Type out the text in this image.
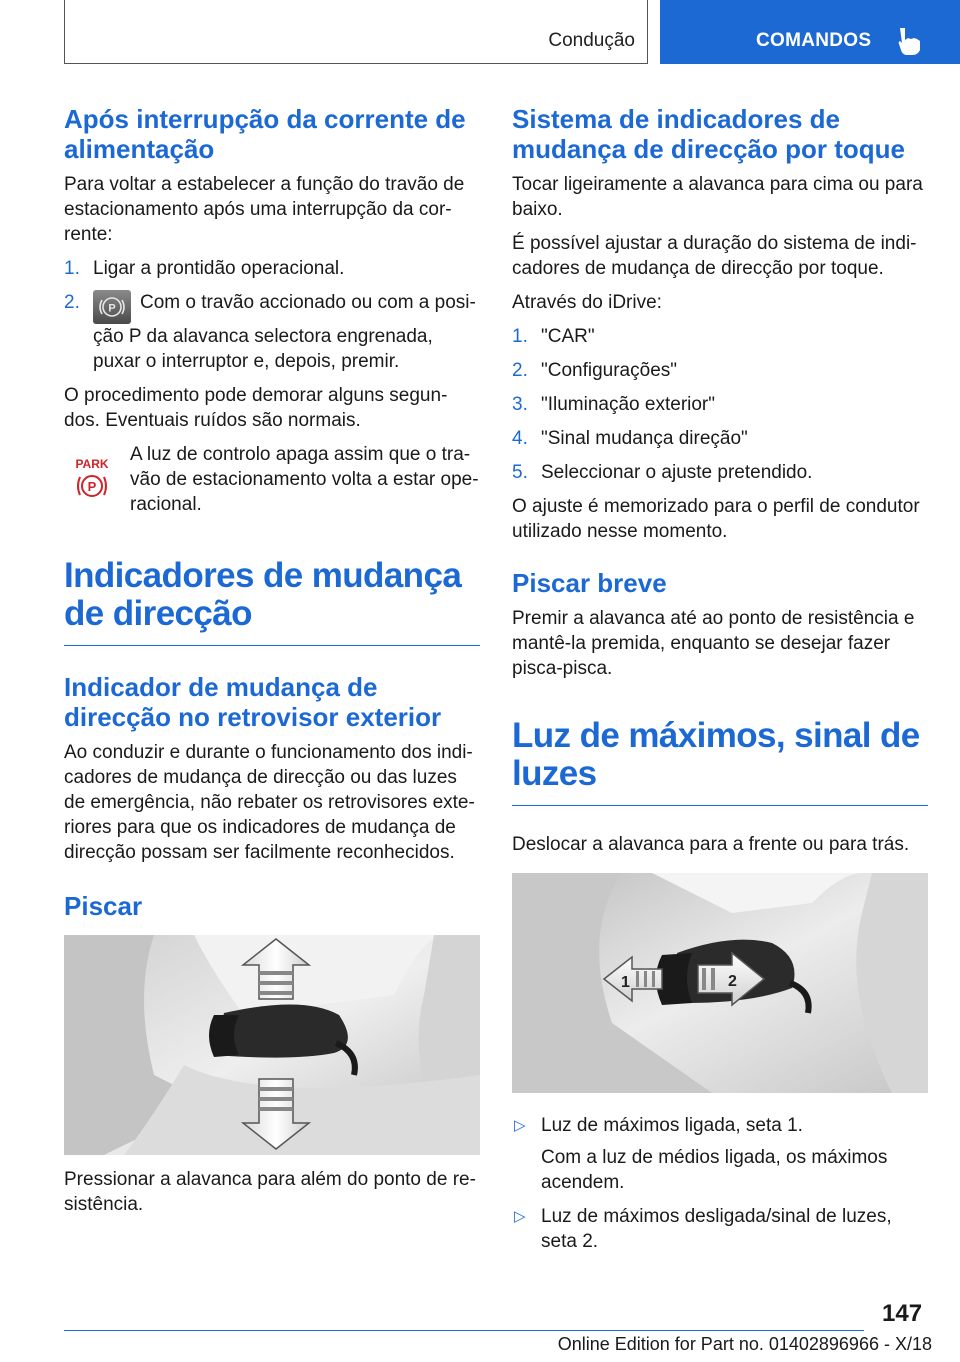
Condução	COMANDOS
Após interrupção da corrente de alimentação

Para voltar a estabelecer a função do travão de estacionamento após uma interrupção da cor-rente:

1. Ligar a prontidão operacional.
2.	P Com o travão accionado ou com a posi-ção P da alavanca selectora engrenada, puxar o interruptor e, depois, premir.

O procedimento pode demorar alguns segun-dos. Eventuais ruídos são normais.

PARK
P

A luz de controlo apaga assim que o tra-vão de estacionamento volta a estar ope-racional.

Indicadores de mudança de direcção
Indicador de mudança de direcção no retrovisor exterior

Ao conduzir e durante o funcionamento dos indi-cadores de mudança de direcção ou das luzes de emergência, não rebater os retrovisores exte-riores para que os indicadores de mudança de direcção possam ser facilmente reconhecidos.

Piscar

Pressionar a alavanca para além do ponto de re-sistência.

Sistema de indicadores de mudança de direcção por toque

Tocar ligeiramente a alavanca para cima ou para baixo.

É possível ajustar a duração do sistema de indi-cadores de mudança de direcção por toque.

Através do iDrive:

1. "CAR"
2. "Configurações"
3. "Iluminação exterior"
4. "Sinal mudança direção"
5. Seleccionar o ajuste pretendido.

O ajuste é memorizado para o perfil de condutor utilizado nesse momento.

Piscar breve

Premir a alavanca até ao ponto de resistência e mantê-la premida, enquanto se desejar fazer pisca-pisca.

Luz de máximos, sinal de luzes

Deslocar a alavanca para a frente ou para trás.

1	2
▷ Luz de máximos ligada, seta 1.

Com a luz de médios ligada, os máximos acendem.

▷ Luz de máximos desligada/sinal de luzes, seta 2.
147
Online Edition for Part no. 01402896966 - X/18
